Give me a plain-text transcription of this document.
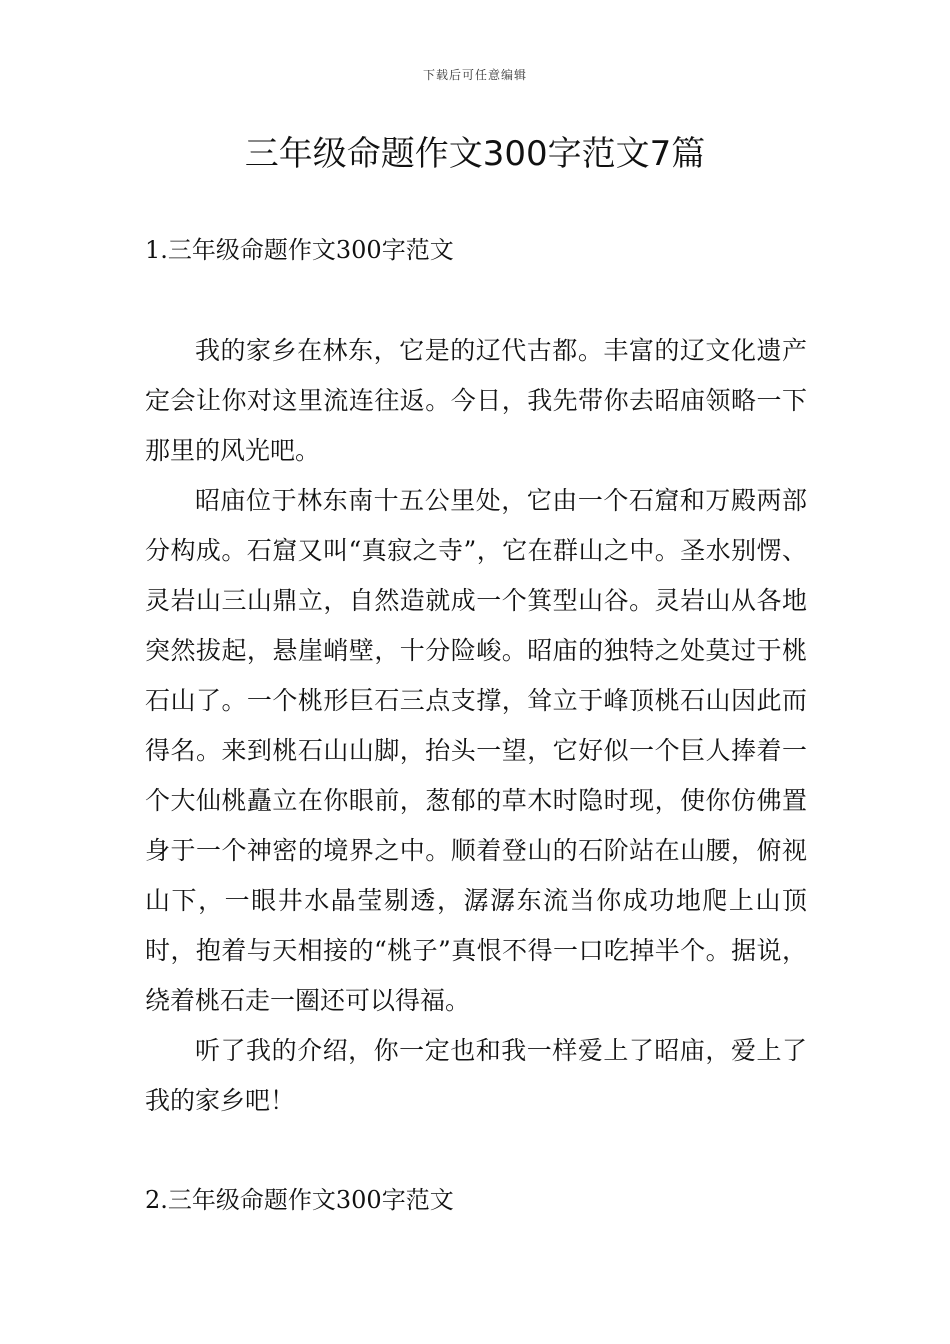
下载后可任意编辑
三年级命题作文300字范文7篇
1.三年级命题作文300字范文

我的家乡在林东，它是的辽代古都。丰富的辽文化遗产定会让你对这里流连往返。今日，我先带你去昭庙领略一下那里的风光吧。

昭庙位于林东南十五公里处，它由一个石窟和万殿两部分构成。石窟又叫“真寂之寺”，它在群山之中。圣水别愣、灵岩山三山鼎立，自然造就成一个箕型山谷。灵岩山从各地突然拔起，悬崖峭壁，十分险峻。昭庙的独特之处莫过于桃石山了。一个桃形巨石三点支撑，耸立于峰顶桃石山因此而得名。来到桃石山山脚，抬头一望，它好似一个巨人捧着一个大仙桃矗立在你眼前，葱郁的草木时隐时现，使你仿佛置身于一个神密的境界之中。顺着登山的石阶站在山腰，俯视山下，一眼井水晶莹剔透，潺潺东流当你成功地爬上山顶时，抱着与天相接的“桃子”真恨不得一口吃掉半个。据说，绕着桃石走一圈还可以得福。

听了我的介绍，你一定也和我一样爱上了昭庙，爱上了我的家乡吧！

2.三年级命题作文300字范文
